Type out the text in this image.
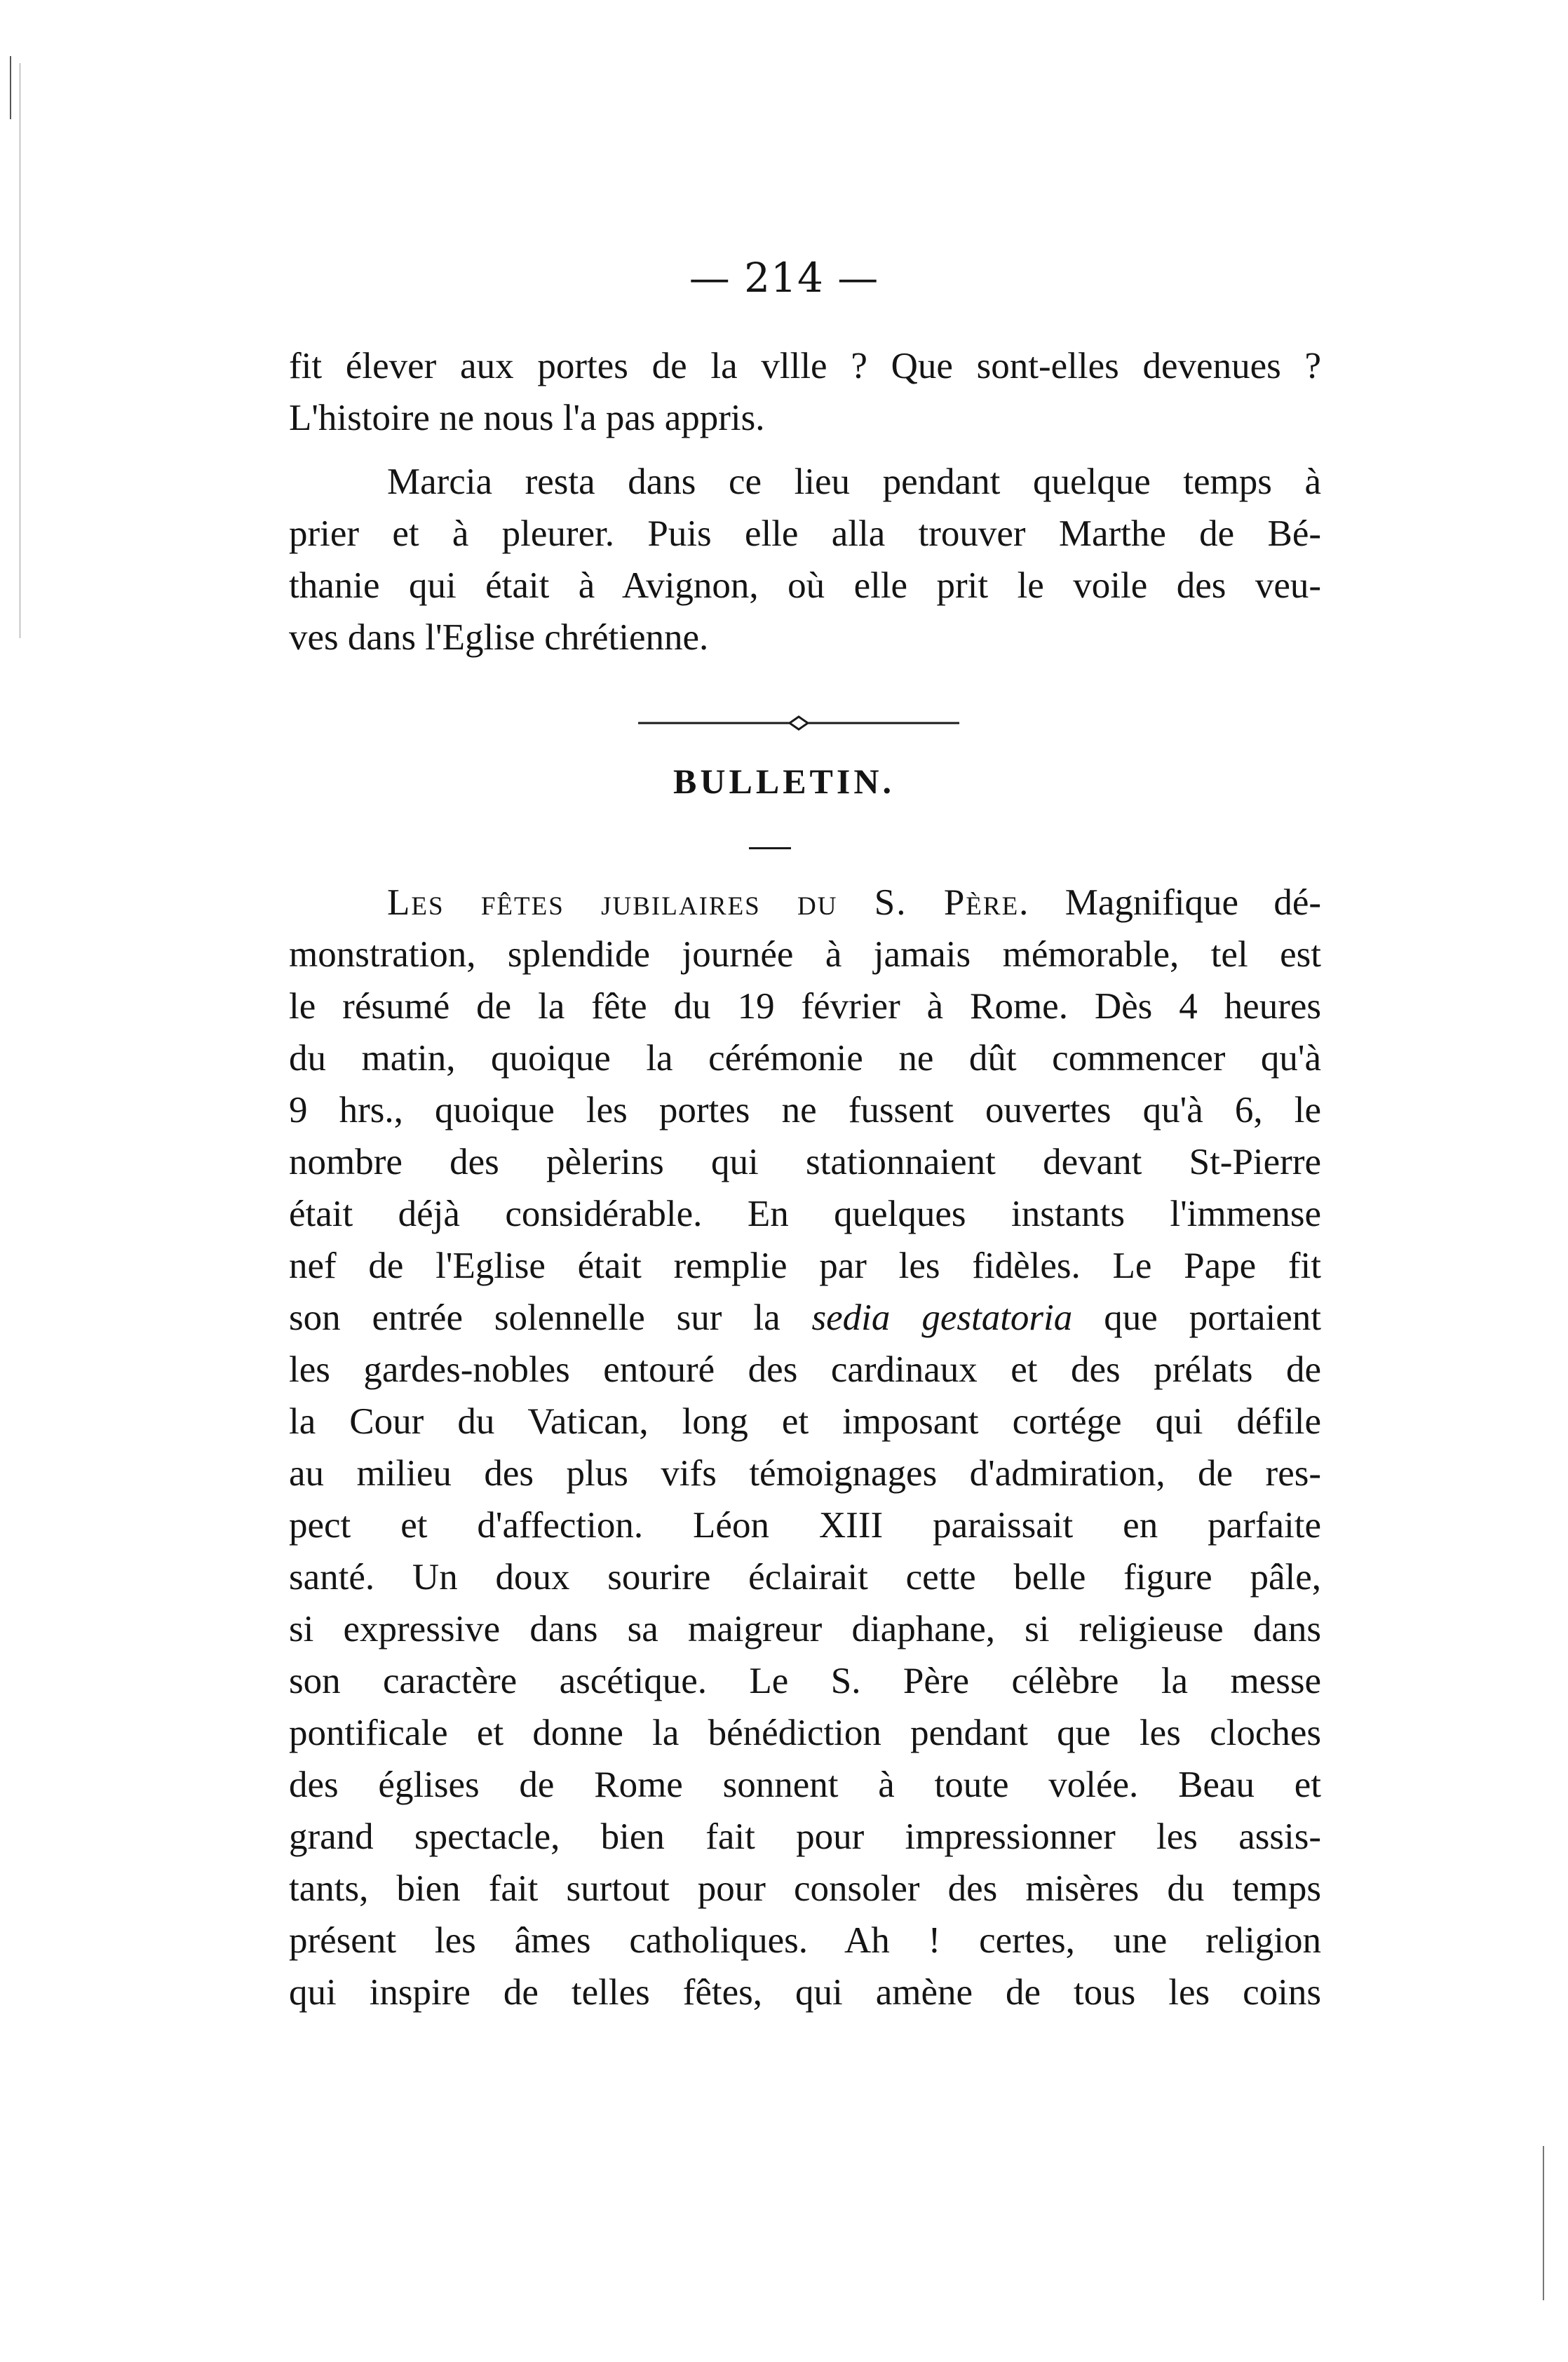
— 214 —
fit élever aux portes de la vllle ? Que sont-elles devenues ?
L'histoire ne nous l'a pas appris.
Marcia resta dans ce lieu pendant quelque temps à
prier et à pleurer. Puis elle alla trouver Marthe de Bé-
thanie qui était à Avignon, où elle prit le voile des veu-
ves dans l'Eglise chrétienne.
BULLETIN.
Les fêtes jubilaires du S. Père. Magnifique dé-
monstration, splendide journée à jamais mémorable, tel est
le résumé de la fête du 19 février à Rome. Dès 4 heures
du matin, quoique la cérémonie ne dût commencer qu'à
9 hrs., quoique les portes ne fussent ouvertes qu'à 6, le
nombre des pèlerins qui stationnaient devant St-Pierre
était déjà considérable. En quelques instants l'immense
nef de l'Eglise était remplie par les fidèles. Le Pape fit
son entrée solennelle sur la sedia gestatoria que portaient
les gardes-nobles entouré des cardinaux et des prélats de
la Cour du Vatican, long et imposant cortége qui défile
au milieu des plus vifs témoignages d'admiration, de res-
pect et d'affection. Léon XIII paraissait en parfaite
santé. Un doux sourire éclairait cette belle figure pâle,
si expressive dans sa maigreur diaphane, si religieuse dans
son caractère ascétique. Le S. Père célèbre la messe
pontificale et donne la bénédiction pendant que les cloches
des églises de Rome sonnent à toute volée. Beau et
grand spectacle, bien fait pour impressionner les assis-
tants, bien fait surtout pour consoler des misères du temps
présent les âmes catholiques. Ah ! certes, une religion
qui inspire de telles fêtes, qui amène de tous les coins
